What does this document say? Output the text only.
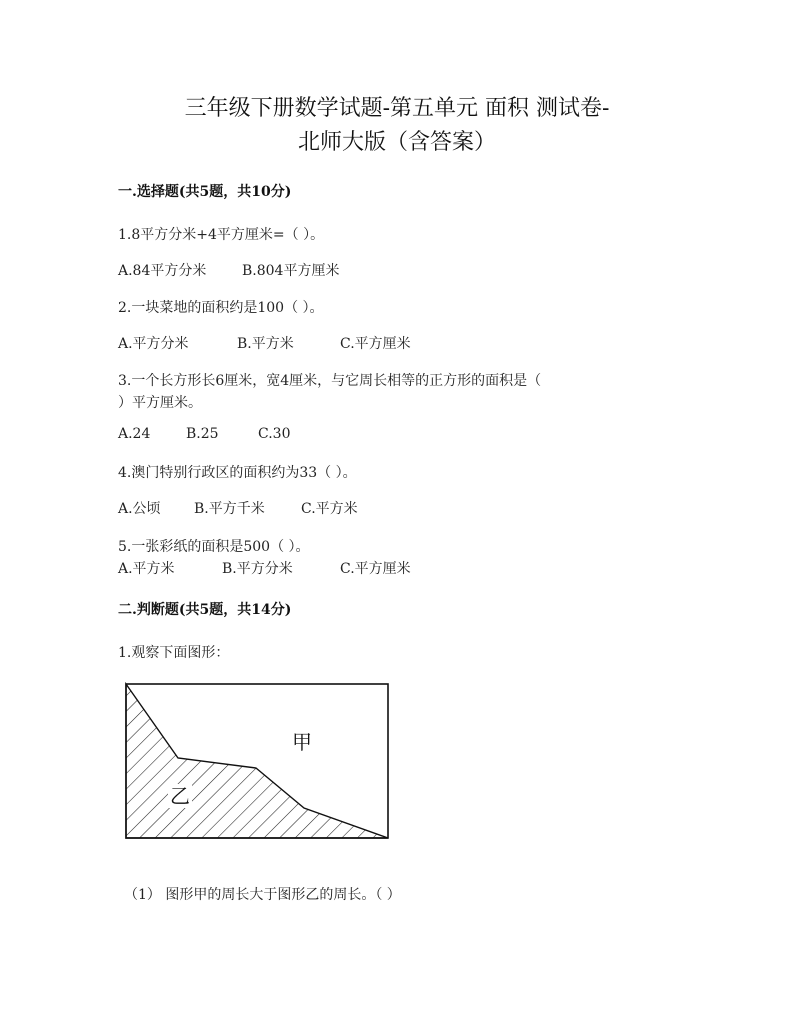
三年级下册数学试题-第五单元 面积 测试卷-
北师大版（含答案）
一.选择题(共5题，共10分)
1.8平方分米+4平方厘米=（ ）。
A.84平方分米	B.804平方厘米
2.一块菜地的面积约是100（ ）。
A.平方分米	B.平方米	C.平方厘米
3.一个长方形长6厘米，宽4厘米，与它周长相等的正方形的面积是（
）平方厘米。
A.24	B.25	C.30
4.澳门特别行政区的面积约为33（ ）。
A.公顷 B.平方千米	C.平方米
5.一张彩纸的面积是500（ ）。
A.平方米	B.平方分米	C.平方厘米
二.判断题(共5题，共14分)
1.观察下面图形：
甲
乙
（1） 图形甲的周长大于图形乙的周长。（ ）
